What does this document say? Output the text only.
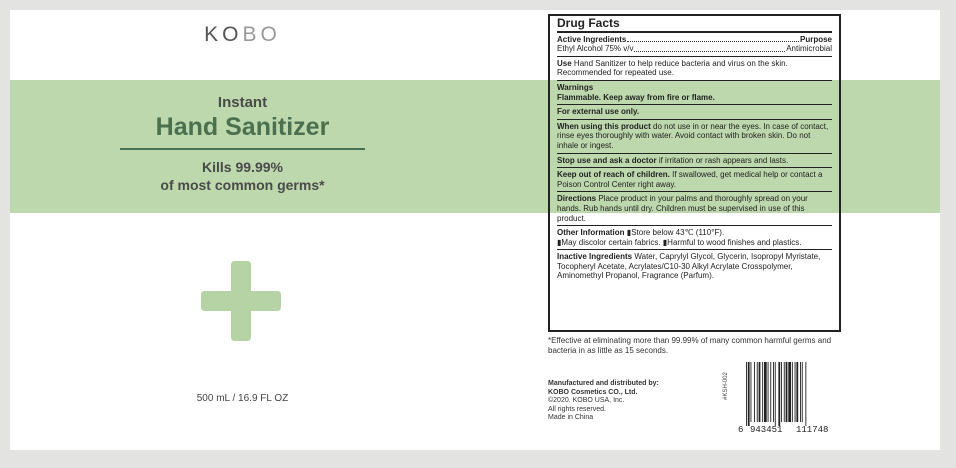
KOBO
Instant
Hand Sanitizer
Kills 99.99%
of most common germs*
500 mL / 16.9 FL OZ
Drug Facts
Active Ingredients	Purpose
Ethyl Alcohol 75% v/v	Antimicrobial
Use Hand Sanitizer to help reduce bacteria and virus on the skin. Recommended for repeated use.
Warnings
Flammable. Keep away from fire or flame.
For external use only.
When using this product do not use in or near the eyes. In case of contact, rinse eyes thoroughly with water. Avoid contact with broken skin. Do not inhale or ingest.
Stop use and ask a doctor if irritation or rash appears and lasts.
Keep out of reach of children. If swallowed, get medical help or contact a Poison Control Center right away.
Directions Place product in your palms and thoroughly spread on your hands. Rub hands until dry. Children must be supervised in use of this product.
Other Information ▮Store below 43℃ (110°F).
▮May discolor certain fabrics. ▮Harmful to wood finishes and plastics.
Inactive Ingredients Water, Caprylyl Glycol, Glycerin, Isopropyl Myristate, Tocopheryl Acetate, Acrylates/C10-30 Alkyl Acrylate Crosspolymer, Aminomethyl Propanol, Fragrance (Parfum).
*Effective at eliminating more than 99.99% of many common harmful germs and bacteria in as little as 15 seconds.
Manufactured and distributed by:
KOBO Cosmetics CO., Ltd.
©2020. KOBO USA, Inc.
All rights reserved.
Made in China
#KSH-002
6 943451 111748
